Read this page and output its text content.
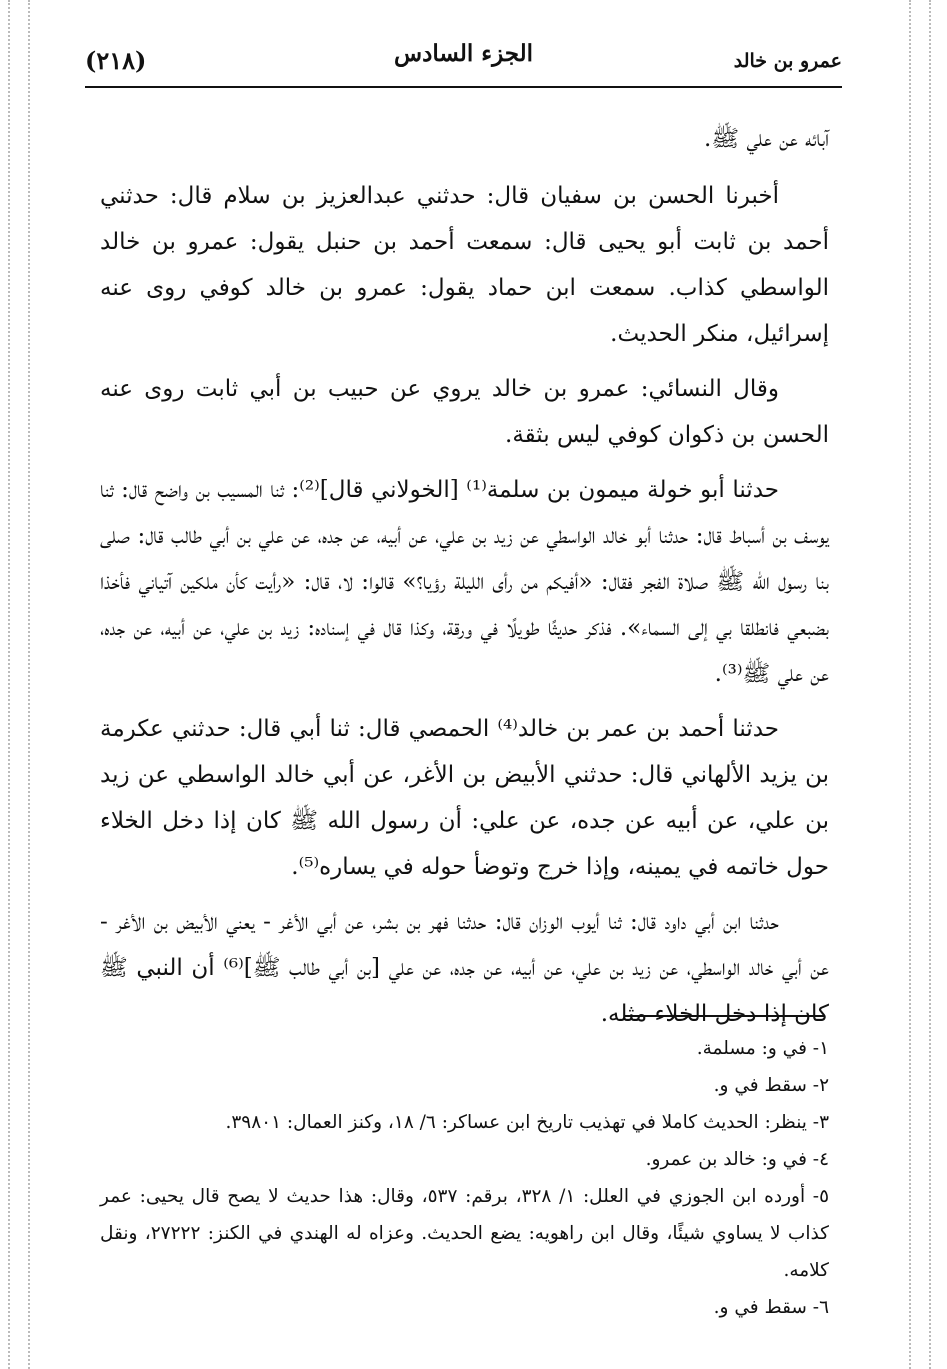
عمرو بن خالد
الجزء السادس
(٢١٨)

آبائه عن علي ﷺ.

أخبرنا الحسن بن سفيان قال: حدثني عبدالعزيز بن سلام قال: حدثني أحمد بن ثابت أبو يحيى قال: سمعت أحمد بن حنبل يقول: عمرو بن خالد الواسطي كذاب. سمعت ابن حماد يقول: عمرو بن خالد كوفي روى عنه إسرائيل، منكر الحديث.

وقال النسائي: عمرو بن خالد يروي عن حبيب بن أبي ثابت روى عنه الحسن بن ذكوان كوفي ليس بثقة.

حدثنا أبو خولة ميمون بن سلمة⁽¹⁾ [الخولاني قال]⁽²⁾: ثنا المسيب بن واضح قال: ثنا يوسف بن أسباط قال: حدثنا أبو خالد الواسطي عن زيد بن علي، عن أبيه، عن جده، عن علي بن أبي طالب قال: صلى بنا رسول الله ﷺ صلاة الفجر فقال: «أفيكم من رأى الليلة رؤيا؟» قالوا: لا، قال: «رأيت كأن ملكين آتياني فأخذا بضبعي فانطلقا بي إلى السماء». فذكر حديثًا طويلًا في ورقة، وكذا قال في إسناده: زيد بن علي، عن أبيه، عن جده، عن علي ﷺ⁽³⁾.

حدثنا أحمد بن عمر بن خالد⁽⁴⁾ الحمصي قال: ثنا أبي قال: حدثني عكرمة بن يزيد الألهاني قال: حدثني الأبيض بن الأغر، عن أبي خالد الواسطي عن زيد بن علي، عن أبيه عن جده، عن علي: أن رسول الله ﷺ كان إذا دخل الخلاء حول خاتمه في يمينه، وإذا خرج وتوضأ حوله في يساره⁽⁵⁾.

حدثنا ابن أبي داود قال: ثنا أيوب الوزان قال: حدثنا فهر بن بشر، عن أبي الأغر - يعني الأبيض بن الأغر - عن أبي خالد الواسطي، عن زيد بن علي، عن أبيه، عن جده، عن علي [بن أبي طالب ﷺ]⁽⁶⁾ أن النبي ﷺ كان إذا دخل الخلاء مثله.

١- في و: مسلمة.

٢- سقط في و.

٣- ينظر: الحديث كاملا في تهذيب تاريخ ابن عساكر: ٦/ ١٨، وكنز العمال: ٣٩٨٠١.

٤- في و: خالد بن عمرو.

٥- أورده ابن الجوزي في العلل: ١/ ٣٢٨، برقم: ٥٣٧، وقال: هذا حديث لا يصح قال يحيى: عمر كذاب لا يساوي شيئًا، وقال ابن راهويه: يضع الحديث. وعزاه له الهندي في الكنز: ٢٧٢٢٢، ونقل كلامه.

٦- سقط في و.
